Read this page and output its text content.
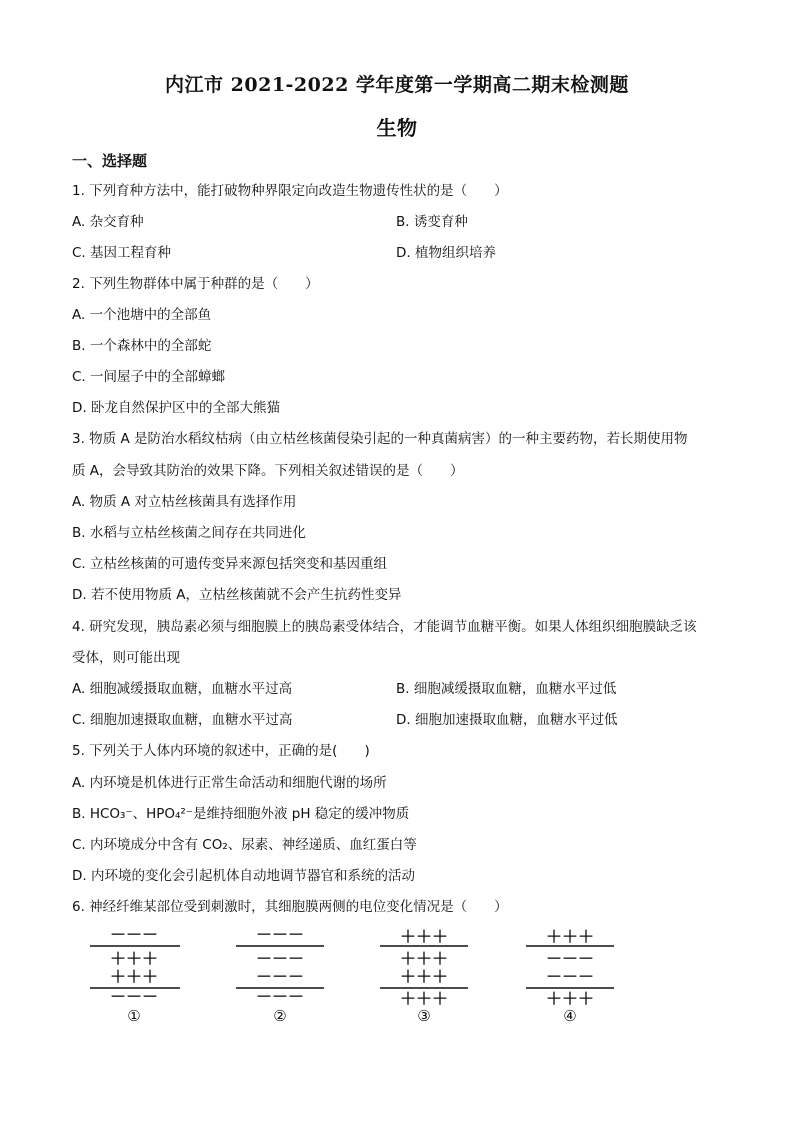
内江市 2021-2022 学年度第一学期高二期末检测题
生物
一、选择题
1. 下列育种方法中，能打破物种界限定向改造生物遗传性状的是（　　）
A. 杂交育种	B. 诱变育种
C. 基因工程育种	D. 植物组织培养
2. 下列生物群体中属于种群的是（　　）
A. 一个池塘中的全部鱼
B. 一个森林中的全部蛇
C. 一间屋子中的全部蟑螂
D. 卧龙自然保护区中的全部大熊猫
3. 物质 A 是防治水稻纹枯病（由立枯丝核菌侵染引起的一种真菌病害）的一种主要药物，若长期使用物
质 A，会导致其防治的效果下降。下列相关叙述错误的是（　　）
A. 物质 A 对立枯丝核菌具有选择作用
B. 水稻与立枯丝核菌之间存在共同进化
C. 立枯丝核菌的可遗传变异来源包括突变和基因重组
D. 若不使用物质 A，立枯丝核菌就不会产生抗药性变异
4. 研究发现，胰岛素必须与细胞膜上的胰岛素受体结合，才能调节血糖平衡。如果人体组织细胞膜缺乏该
受体，则可能出现
A. 细胞减缓摄取血糖，血糖水平过高	B. 细胞减缓摄取血糖，血糖水平过低
C. 细胞加速摄取血糖，血糖水平过高	D. 细胞加速摄取血糖，血糖水平过低
5. 下列关于人体内环境的叙述中，正确的是(　　)
A. 内环境是机体进行正常生命活动和细胞代谢的场所
B. HCO₃⁻、HPO₄²⁻是维持细胞外液 pH 稳定的缓冲物质
C. 内环境成分中含有 CO₂、尿素、神经递质、血红蛋白等
D. 内环境的变化会引起机体自动地调节器官和系统的活动
6. 神经纤维某部位受到刺激时，其细胞膜两侧的电位变化情况是（　　）
－－－
＋＋＋
＋＋＋
－－－
①
－－－
－－－
－－－
－－－
②
＋＋＋
＋＋＋
＋＋＋
＋＋＋
③
＋＋＋
－－－
－－－
＋＋＋
④
